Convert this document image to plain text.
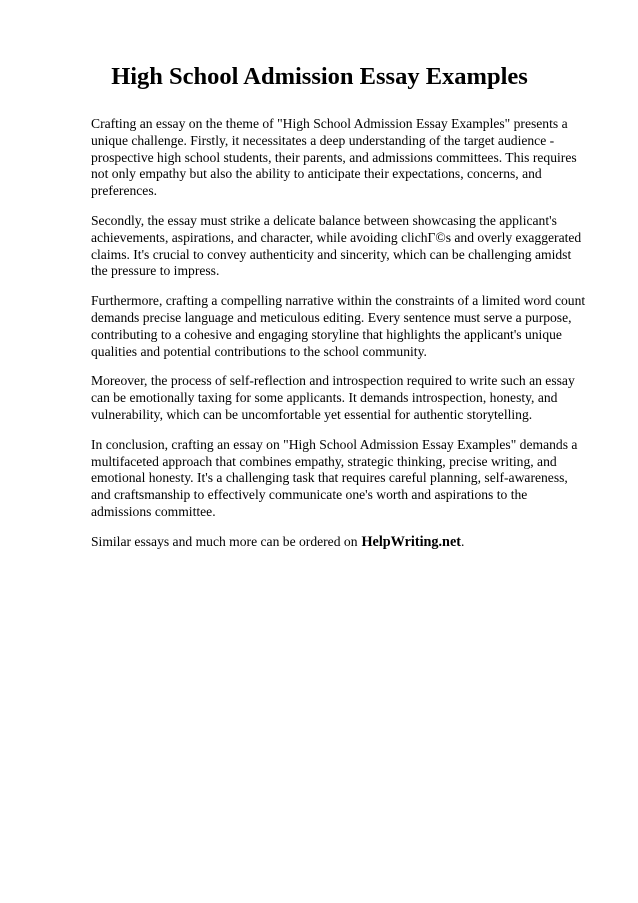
High School Admission Essay Examples

Crafting an essay on the theme of "High School Admission Essay Examples" presents a unique challenge. Firstly, it necessitates a deep understanding of the target audience - prospective high school students, their parents, and admissions committees. This requires not only empathy but also the ability to anticipate their expectations, concerns, and preferences.

Secondly, the essay must strike a delicate balance between showcasing the applicant's achievements, aspirations, and character, while avoiding clichГ©s and overly exaggerated claims. It's crucial to convey authenticity and sincerity, which can be challenging amidst the pressure to impress.

Furthermore, crafting a compelling narrative within the constraints of a limited word count demands precise language and meticulous editing. Every sentence must serve a purpose, contributing to a cohesive and engaging storyline that highlights the applicant's unique qualities and potential contributions to the school community.

Moreover, the process of self-reflection and introspection required to write such an essay can be emotionally taxing for some applicants. It demands introspection, honesty, and vulnerability, which can be uncomfortable yet essential for authentic storytelling.

In conclusion, crafting an essay on "High School Admission Essay Examples" demands a multifaceted approach that combines empathy, strategic thinking, precise writing, and emotional honesty. It's a challenging task that requires careful planning, self-awareness, and craftsmanship to effectively communicate one's worth and aspirations to the admissions committee.

Similar essays and much more can be ordered on HelpWriting.net.
